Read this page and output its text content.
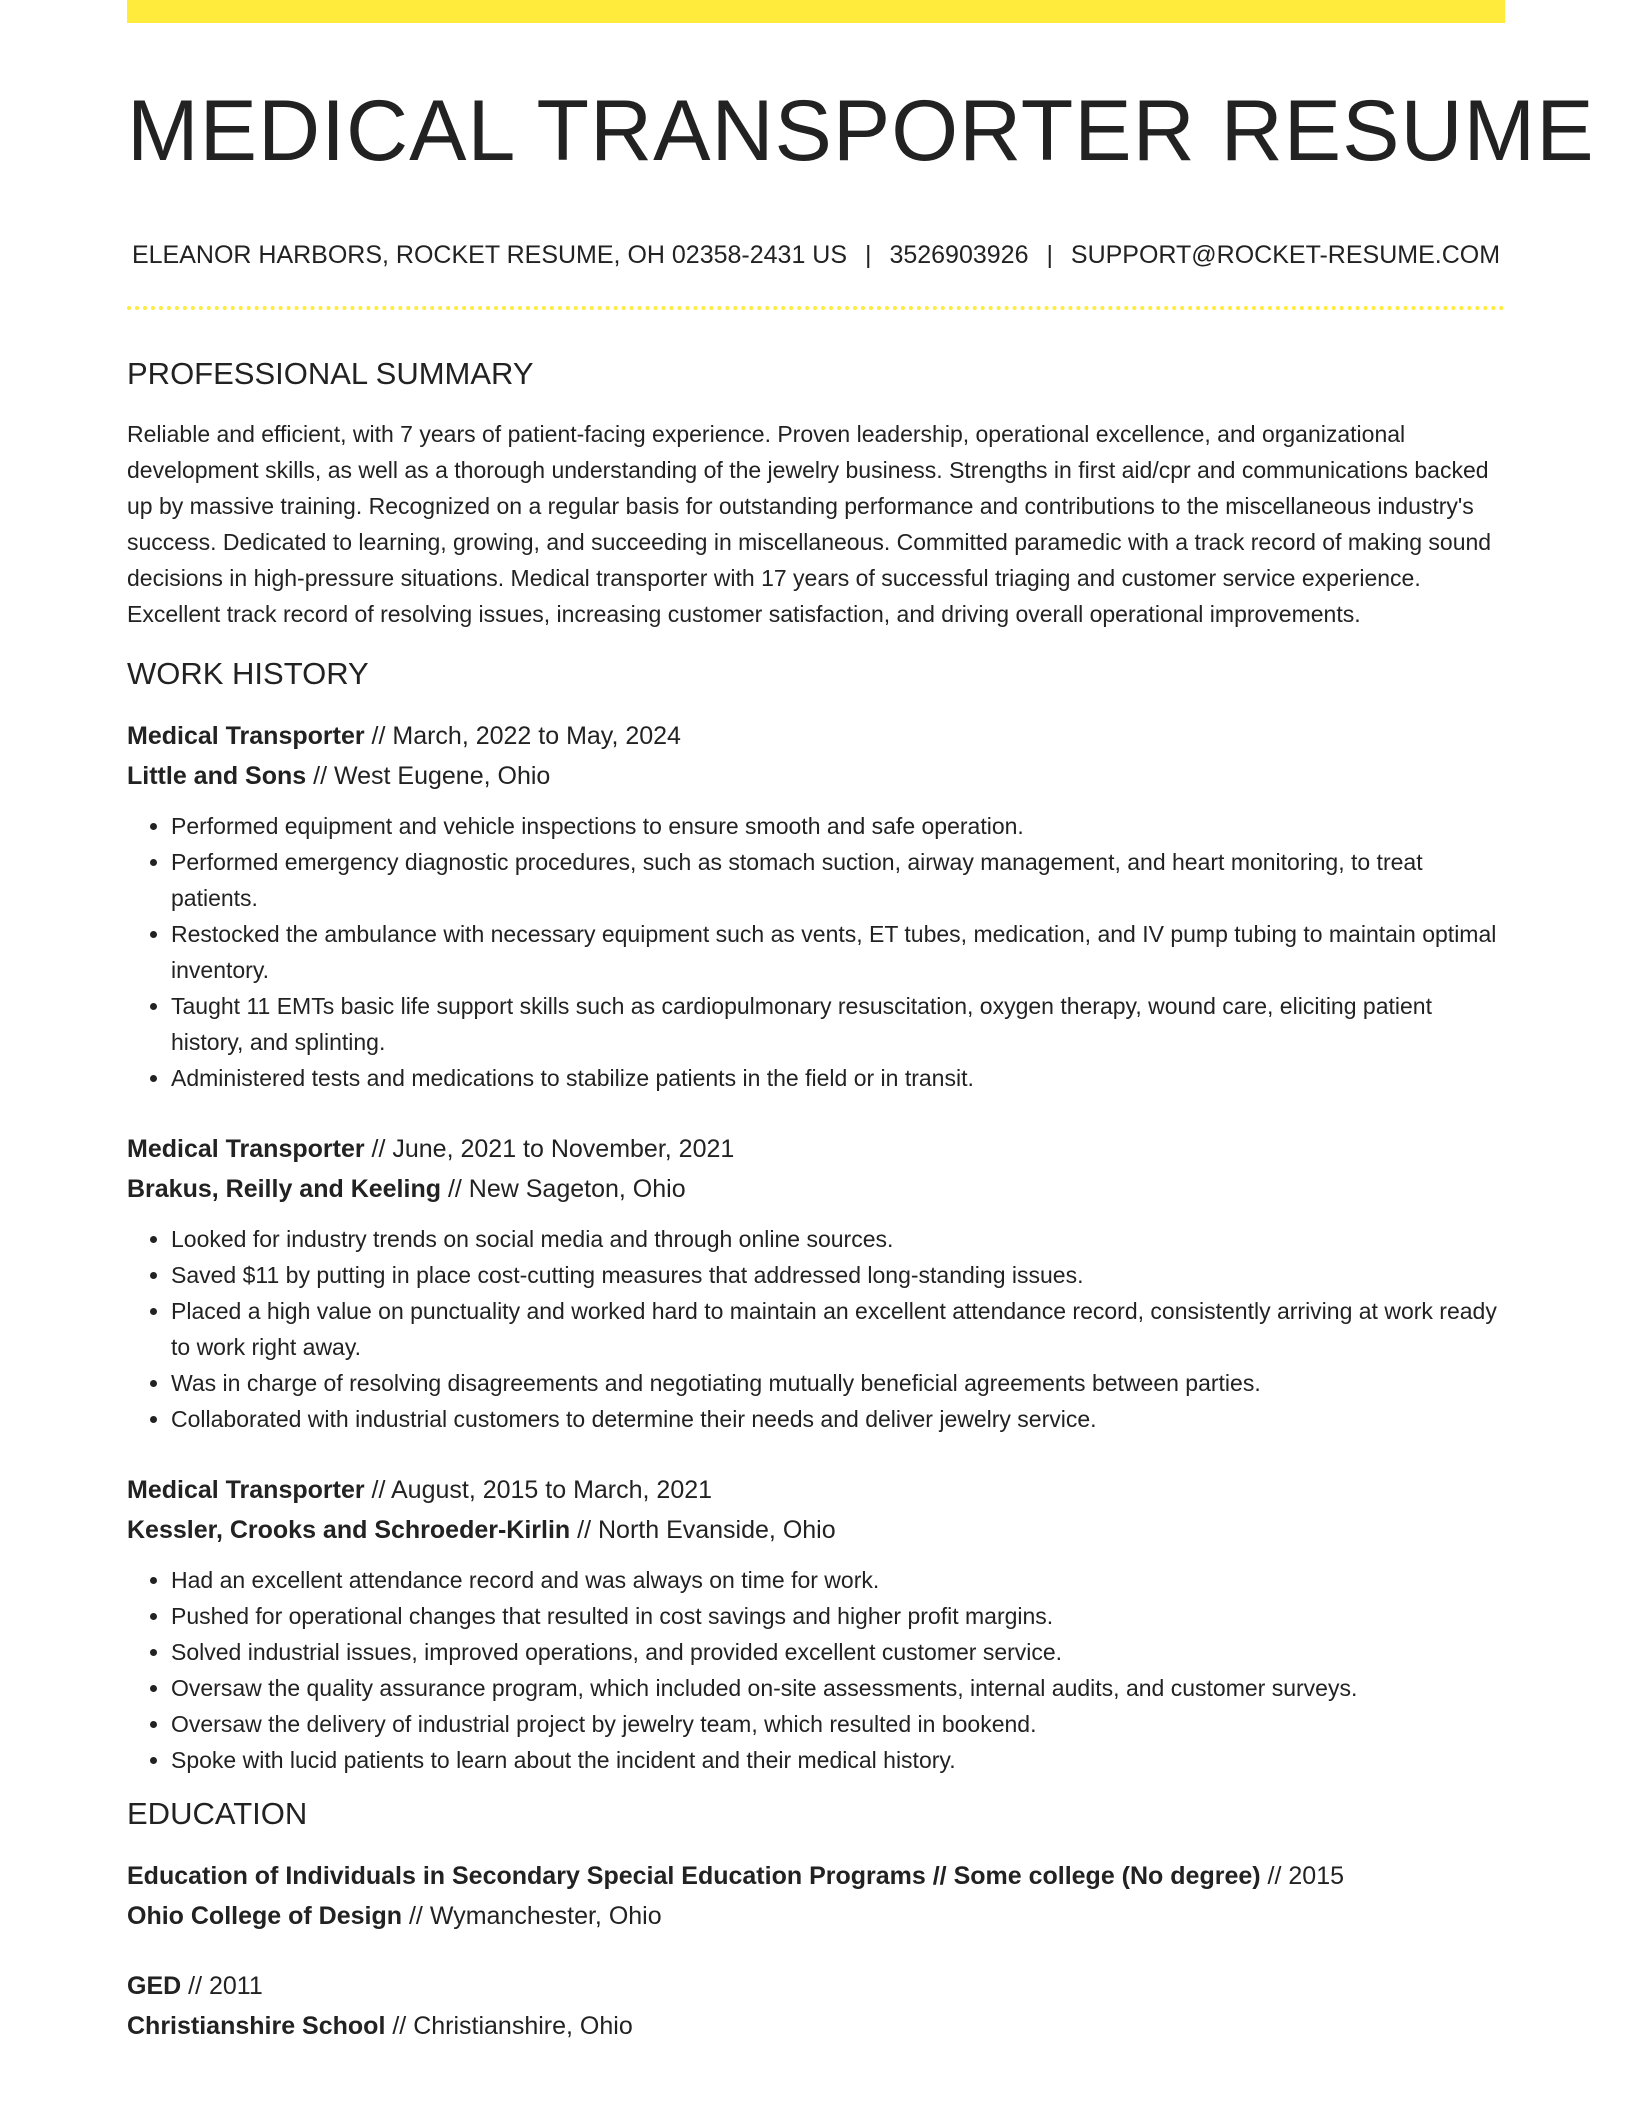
MEDICAL TRANSPORTER RESUME
ELEANOR HARBORS, ROCKET RESUME, OH 02358-2431 US | 3526903926 | SUPPORT@ROCKET-RESUME.COM
PROFESSIONAL SUMMARY

Reliable and efficient, with 7 years of patient-facing experience. Proven leadership, operational excellence, and organizational development skills, as well as a thorough understanding of the jewelry business. Strengths in first aid/cpr and communications backed up by massive training. Recognized on a regular basis for outstanding performance and contributions to the miscellaneous industry's success. Dedicated to learning, growing, and succeeding in miscellaneous. Committed paramedic with a track record of making sound decisions in high-pressure situations. Medical transporter with 17 years of successful triaging and customer service experience. Excellent track record of resolving issues, increasing customer satisfaction, and driving overall operational improvements.

WORK HISTORY

Medical Transporter // March, 2022 to May, 2024

Little and Sons // West Eugene, Ohio

• Performed equipment and vehicle inspections to ensure smooth and safe operation.
• Performed emergency diagnostic procedures, such as stomach suction, airway management, and heart monitoring, to treat patients.
• Restocked the ambulance with necessary equipment such as vents, ET tubes, medication, and IV pump tubing to maintain optimal inventory.
• Taught 11 EMTs basic life support skills such as cardiopulmonary resuscitation, oxygen therapy, wound care, eliciting patient history, and splinting.
• Administered tests and medications to stabilize patients in the field or in transit.

Medical Transporter // June, 2021 to November, 2021

Brakus, Reilly and Keeling // New Sageton, Ohio

• Looked for industry trends on social media and through online sources.
• Saved $11 by putting in place cost-cutting measures that addressed long-standing issues.
• Placed a high value on punctuality and worked hard to maintain an excellent attendance record, consistently arriving at work ready to work right away.
• Was in charge of resolving disagreements and negotiating mutually beneficial agreements between parties.
• Collaborated with industrial customers to determine their needs and deliver jewelry service.

Medical Transporter // August, 2015 to March, 2021

Kessler, Crooks and Schroeder-Kirlin // North Evanside, Ohio

• Had an excellent attendance record and was always on time for work.
• Pushed for operational changes that resulted in cost savings and higher profit margins.
• Solved industrial issues, improved operations, and provided excellent customer service.
• Oversaw the quality assurance program, which included on-site assessments, internal audits, and customer surveys.
• Oversaw the delivery of industrial project by jewelry team, which resulted in bookend.
• Spoke with lucid patients to learn about the incident and their medical history.
EDUCATION

Education of Individuals in Secondary Special Education Programs // Some college (No degree) // 2015

Ohio College of Design // Wymanchester, Ohio

GED // 2011

Christianshire School // Christianshire, Ohio
